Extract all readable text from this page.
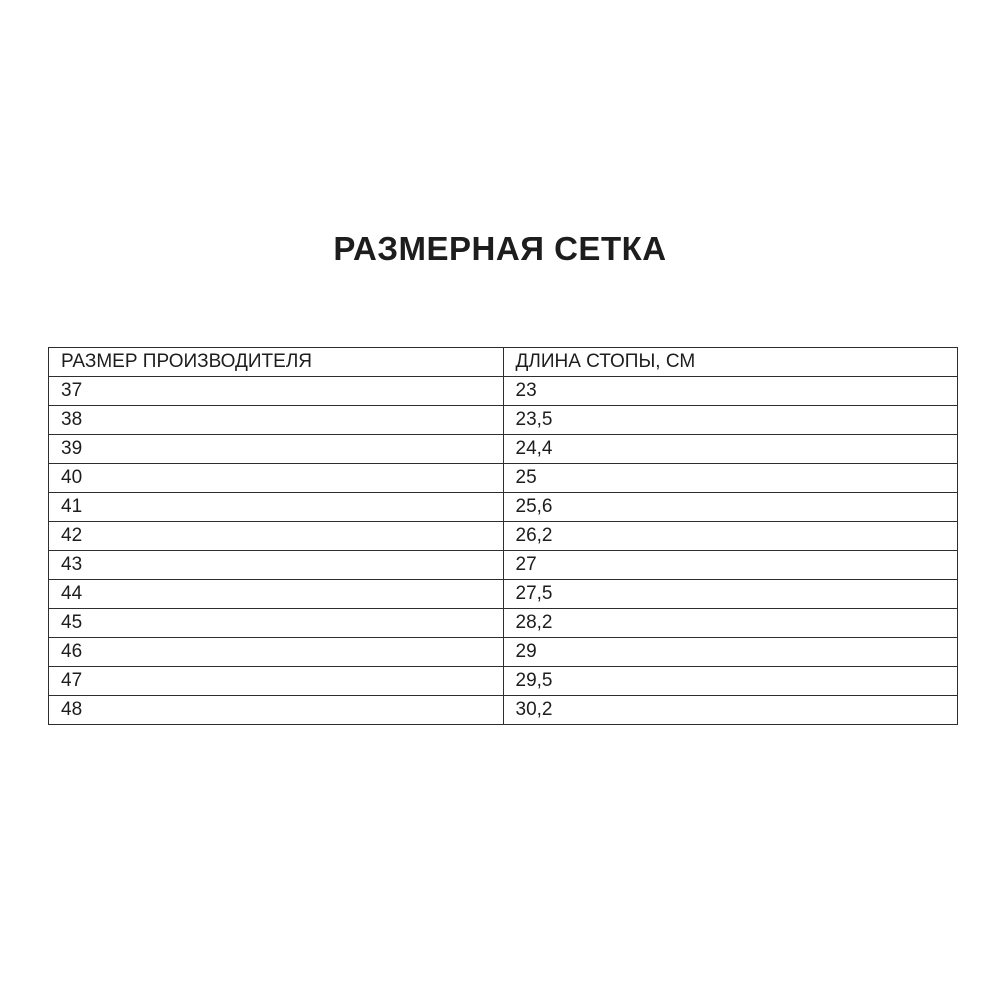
РАЗМЕРНАЯ СЕТКА
РАЗМЕР ПРОИЗВОДИТЕЛЯ	ДЛИНА СТОПЫ, СМ
37	23
38	23,5
39	24,4
40	25
41	25,6
42	26,2
43	27
44	27,5
45	28,2
46	29
47	29,5
48	30,2
